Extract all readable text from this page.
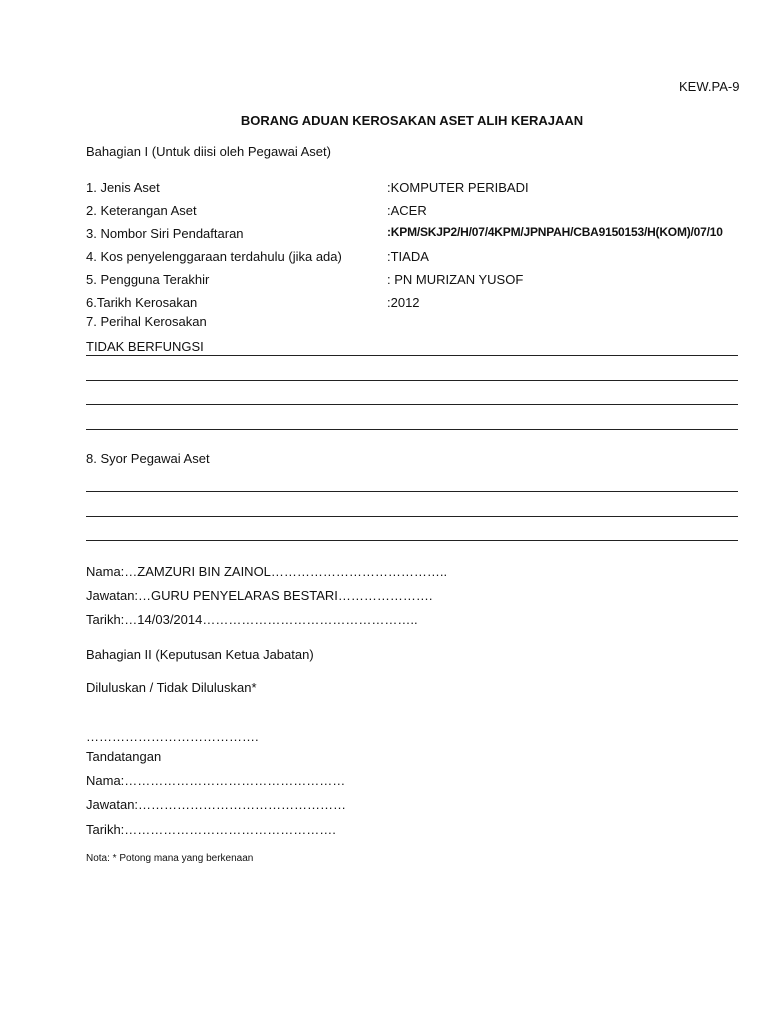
KEW.PA-9
BORANG ADUAN KEROSAKAN ASET ALIH KERAJAAN
Bahagian I (Untuk diisi oleh Pegawai Aset)
1. Jenis Aset	:KOMPUTER PERIBADI
2. Keterangan Aset	:ACER
3. Nombor Siri Pendaftaran	:KPM/SKJP2/H/07/4KPM/JPNPAH/CBA9150153/H(KOM)/07/10
4. Kos penyelenggaraan terdahulu (jika ada)	:TIADA
5. Pengguna Terakhir	: PN MURIZAN YUSOF
6.Tarikh Kerosakan	:2012
7. Perihal Kerosakan
TIDAK BERFUNGSI
8. Syor Pegawai Aset
Nama:…ZAMZURI BIN ZAINOL…………………………………..
Jawatan:…GURU PENYELARAS BESTARI………………….
Tarikh:…14/03/2014…………………………………………..
Bahagian II (Keputusan Ketua Jabatan)
Diluluskan / Tidak Diluluskan*
………………………………….
Tandatangan
Nama:……………………………………………
Jawatan:…………………………………………
Tarikh:………………………………………….
Nota: * Potong mana yang berkenaan
